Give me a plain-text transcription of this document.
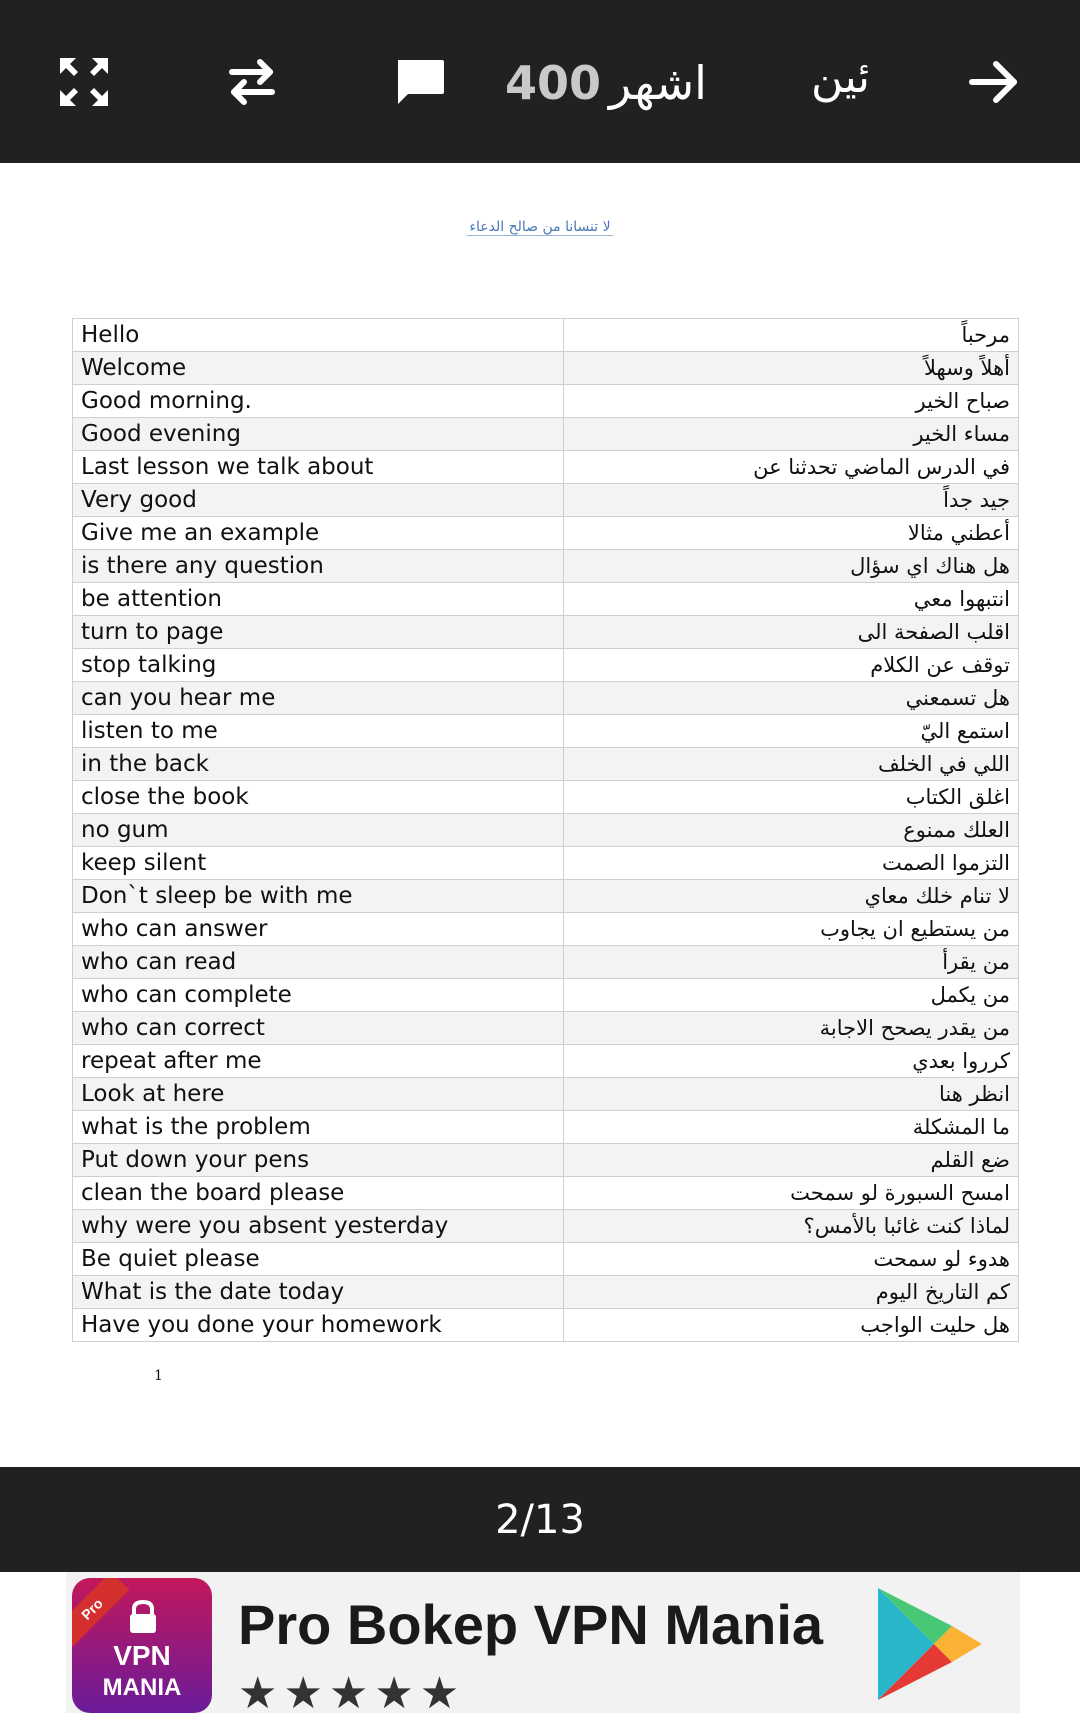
400 اشهر	ئين
لا تنسانا من صالح الدعاء
Hello	مرحباً
Welcome	أهلاً وسهلاً
Good morning.	صباح الخير
Good evening	مساء الخير
Last lesson we talk about	في الدرس الماضي تحدثنا عن
Very good	جيد جداً
Give me an example	أعطني مثالا
is there any question	هل هناك اي سؤال
be attention	انتبهوا معي
turn to page	اقلب الصفحة الى
stop talking	توقف عن الكلام
can you hear me	هل تسمعني
listen to me	استمع اليّ
in the back	اللي في الخلف
close the book	اغلق الكتاب
no gum	العلك ممنوع
keep silent	التزموا الصمت
Don`t sleep be with me	لا تنام خلك معاي
who can answer	من يستطيع ان يجاوب
who can read	من يقرأ
who can complete	من يكمل
who can correct	من يقدر يصحح الاجابة
repeat after me	كرروا بعدي
Look at here	انظر هنا
what is the problem	ما المشكلة
Put down your pens	ضع القلم
clean the board please	امسح السبورة لو سمحت
why were you absent yesterday	لماذا كنت غائبا بالأمس؟
Be quiet please	هدوء لو سمحت
What is the date today	كم التاريخ اليوم
Have you done your homework	هل حليت الواجب
1
2/13
Pro
VPN
MANIA
Pro Bokep VPN Mania
★★★★★
